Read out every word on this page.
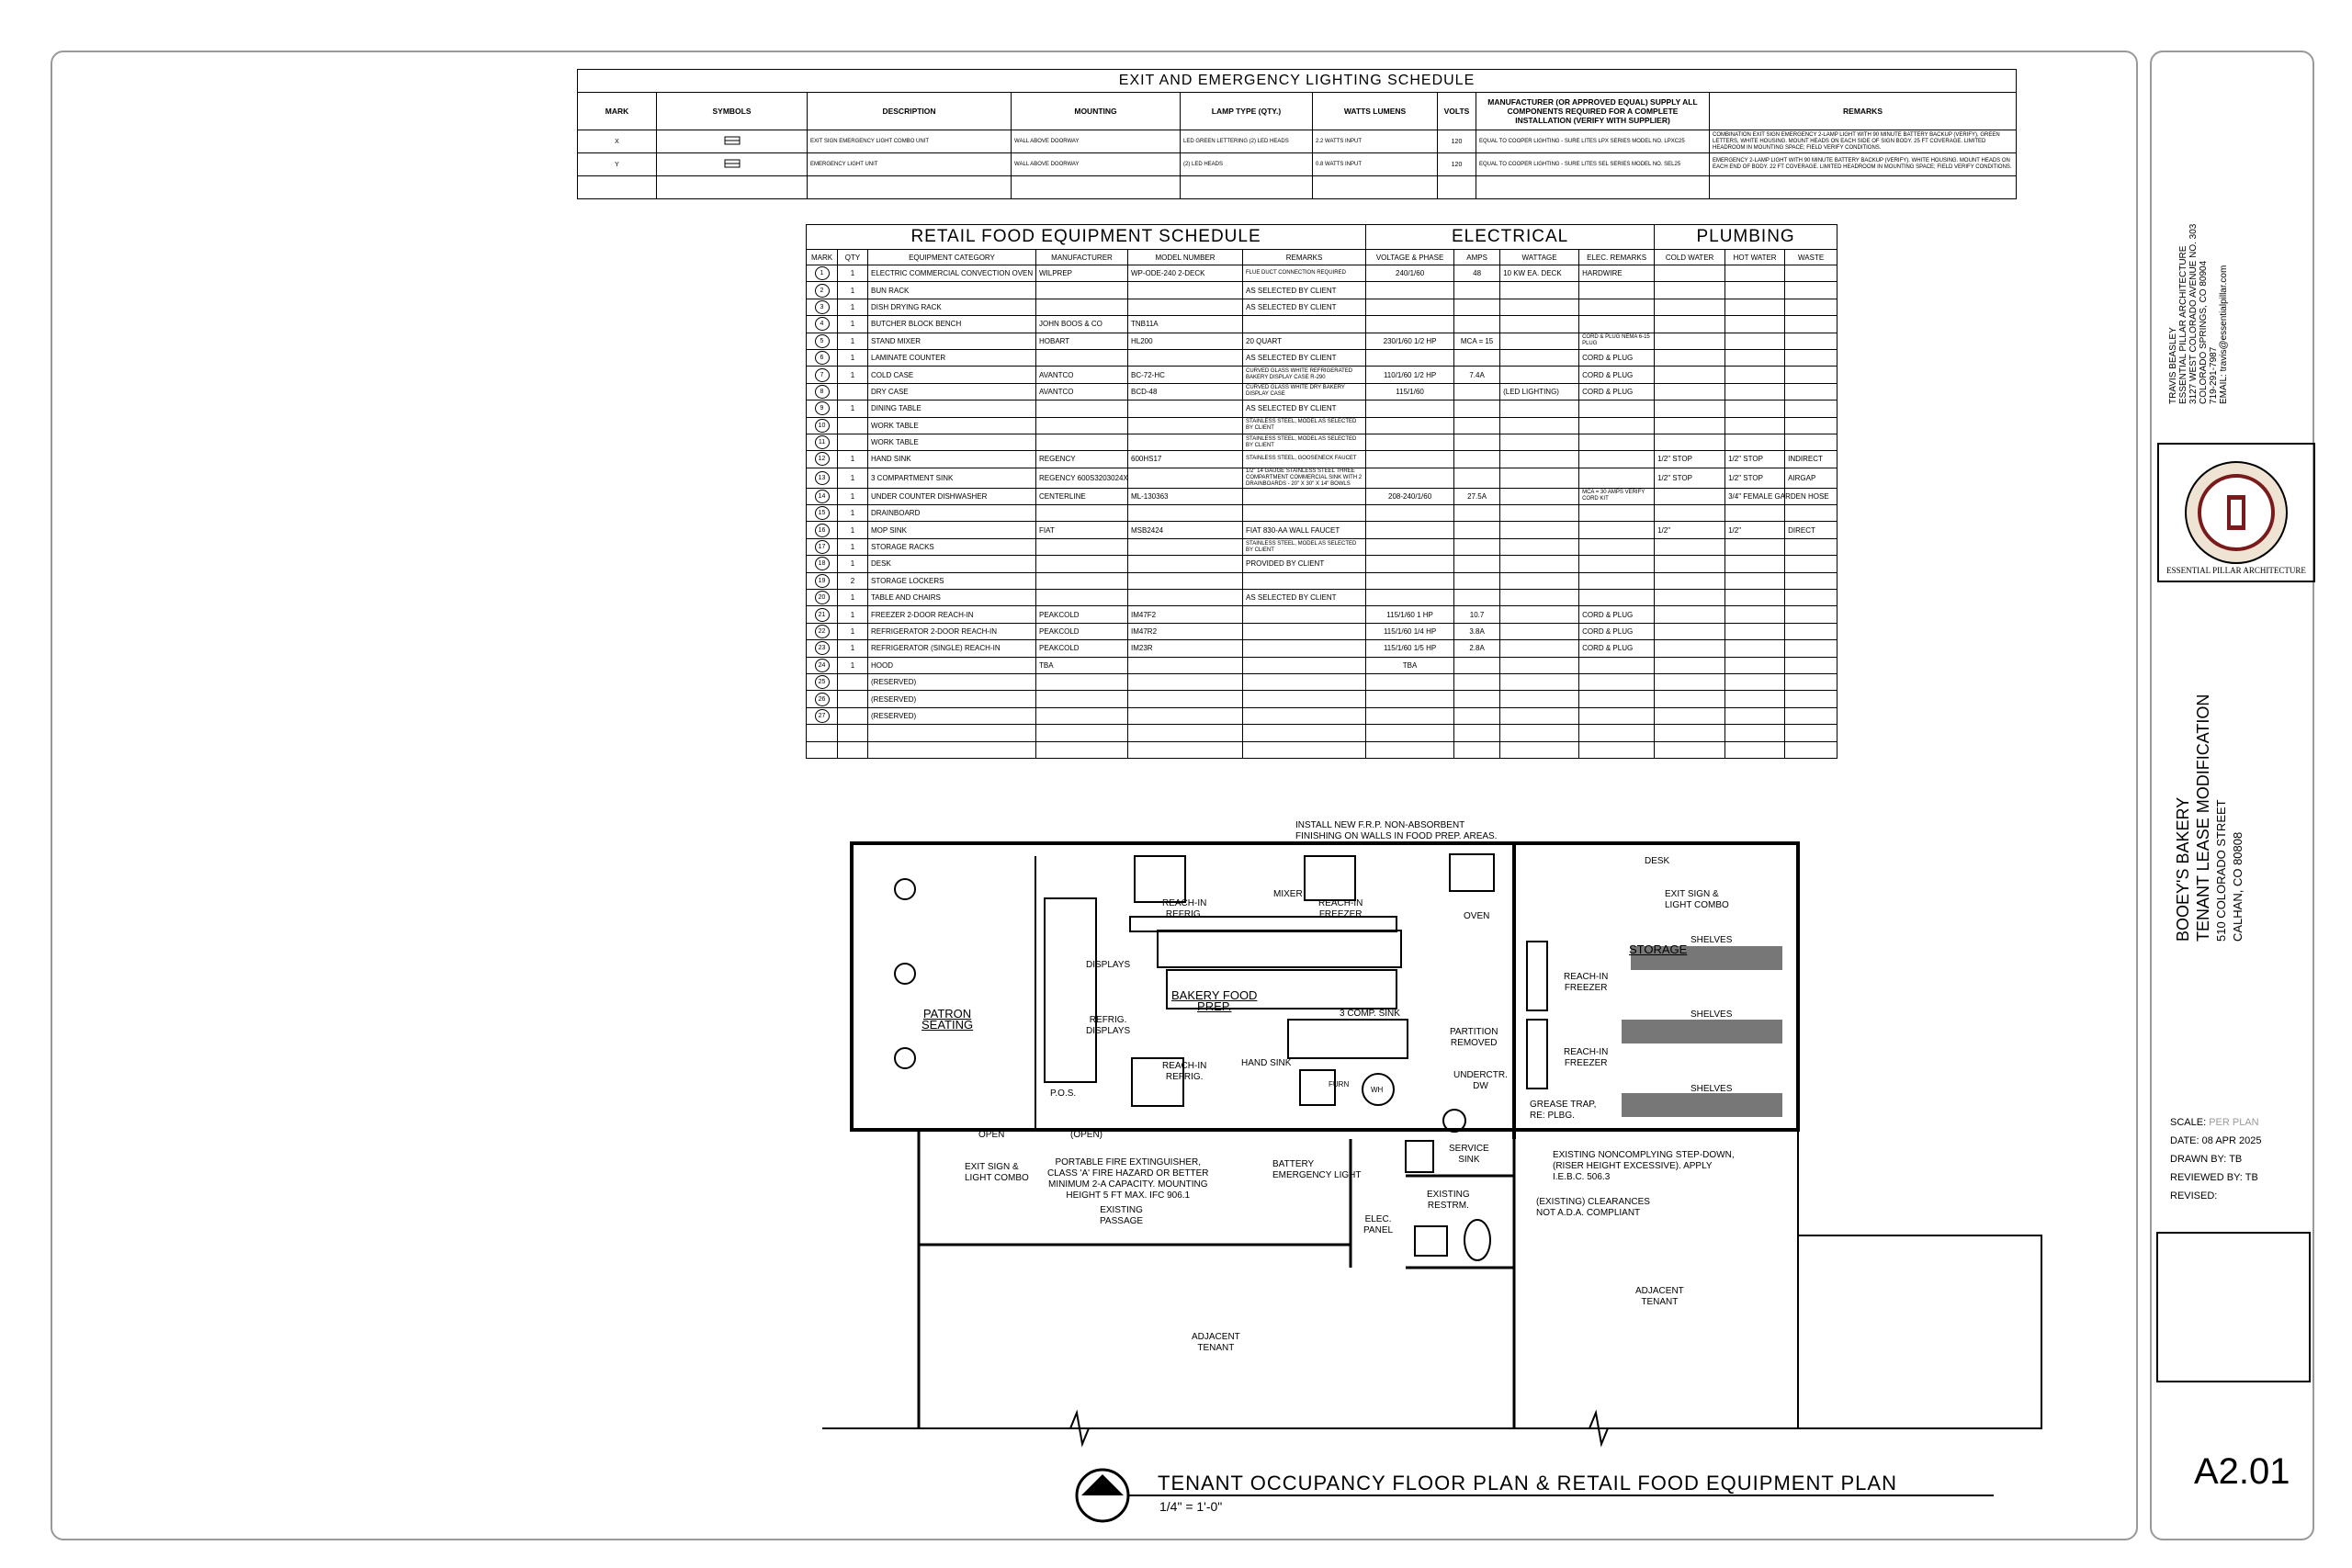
EXIT AND EMERGENCY LIGHTING SCHEDULE								
MARK	SYMBOLS	DESCRIPTION	MOUNTING	LAMP TYPE (QTY.)	WATTS LUMENS	VOLTS	MANUFACTURER (OR APPROVED EQUAL) SUPPLY ALL COMPONENTS REQUIRED FOR A COMPLETE INSTALLATION (VERIFY WITH SUPPLIER)	REMARKS
X		EXIT SIGN EMERGENCY LIGHT COMBO UNIT	WALL ABOVE DOORWAY	LED GREEN LETTERING (2) LED HEADS	2.2 WATTS INPUT	120	EQUAL TO COOPER LIGHTING - SURE LITES LPX SERIES MODEL NO. LPXC25	COMBINATION EXIT SIGN EMERGENCY 2-LAMP LIGHT WITH 90 MINUTE BATTERY BACKUP (VERIFY), GREEN LETTERS, WHITE HOUSING. MOUNT HEADS ON EACH SIDE OF SIGN BODY. 25 FT COVERAGE. LIMITED HEADROOM IN MOUNTING SPACE; FIELD VERIFY CONDITIONS.
Y		EMERGENCY LIGHT UNIT	WALL ABOVE DOORWAY	(2) LED HEADS	0.8 WATTS INPUT	120	EQUAL TO COOPER LIGHTING - SURE LITES SEL SERIES MODEL NO. SEL25	EMERGENCY 2-LAMP LIGHT WITH 90 MINUTE BATTERY BACKUP (VERIFY). WHITE HOUSING. MOUNT HEADS ON EACH END OF BODY. 22 FT COVERAGE. LIMITED HEADROOM IN MOUNTING SPACE; FIELD VERIFY CONDITIONS.

RETAIL FOOD EQUIPMENT SCHEDULE						ELECTRICAL				PLUMBING		
MARK	QTY	EQUIPMENT CATEGORY	MANUFACTURER	MODEL NUMBER	REMARKS	VOLTAGE & PHASE	AMPS	WATTAGE	ELEC. REMARKS	COLD WATER	HOT WATER	WASTE
1	1	ELECTRIC COMMERCIAL CONVECTION OVEN	WILPREP	WP-ODE-240 2-DECK	FLUE DUCT CONNECTION REQUIRED	240/1/60	48	10 KW EA. DECK	HARDWIRE			
2	1	BUN RACK			AS SELECTED BY CLIENT							
3	1	DISH DRYING RACK			AS SELECTED BY CLIENT							
4	1	BUTCHER BLOCK BENCH	JOHN BOOS & CO	TNB11A								
5	1	STAND MIXER	HOBART	HL200	20 QUART	230/1/60 1/2 HP	MCA = 15		CORD & PLUG NEMA 6-15 PLUG			
6	1	LAMINATE COUNTER			AS SELECTED BY CLIENT				CORD & PLUG			
7	1	COLD CASE	AVANTCO	BC-72-HC	CURVED GLASS WHITE REFRIGERATED BAKERY DISPLAY CASE R-290	110/1/60 1/2 HP	7.4A		CORD & PLUG			
8		DRY CASE	AVANTCO	BCD-48	CURVED GLASS WHITE DRY BAKERY DISPLAY CASE	115/1/60		(LED LIGHTING)	CORD & PLUG			
9	1	DINING TABLE			AS SELECTED BY CLIENT							
10		WORK TABLE			STAINLESS STEEL, MODEL AS SELECTED BY CLIENT							
11		WORK TABLE			STAINLESS STEEL, MODEL AS SELECTED BY CLIENT							
12	1	HAND SINK	REGENCY	600HS17	STAINLESS STEEL, GOOSENECK FAUCET					1/2" STOP	1/2" STOP	INDIRECT
13	1	3 COMPARTMENT SINK	REGENCY 600S3203024X		1/2" 14 GAUGE STAINLESS STEEL THREE COMPARTMENT COMMERCIAL SINK WITH 2 DRAINBOARDS - 20" X 30" X 14" BOWLS					1/2" STOP	1/2" STOP	AIRGAP
14	1	UNDER COUNTER DISHWASHER	CENTERLINE	ML-130363		208-240/1/60	27.5A		MCA = 30 AMPS VERIFY CORD KIT		3/4" FEMALE GARDEN HOSE	
15	1	DRAINBOARD										
16	1	MOP SINK	FIAT	MSB2424	FIAT 830-AA WALL FAUCET					1/2"	1/2"	DIRECT
17	1	STORAGE RACKS			STAINLESS STEEL, MODEL AS SELECTED BY CLIENT							
18	1	DESK			PROVIDED BY CLIENT							
19	2	STORAGE LOCKERS										
20	1	TABLE AND CHAIRS			AS SELECTED BY CLIENT							
21	1	FREEZER 2-DOOR REACH-IN	PEAKCOLD	IM47F2		115/1/60 1 HP	10.7		CORD & PLUG			
22	1	REFRIGERATOR 2-DOOR REACH-IN	PEAKCOLD	IM47R2		115/1/60 1/4 HP	3.8A		CORD & PLUG			
23	1	REFRIGERATOR (SINGLE) REACH-IN	PEAKCOLD	IM23R		115/1/60 1/5 HP	2.8A		CORD & PLUG			
24	1	HOOD	TBA			TBA						
25		(RESERVED)										
26		(RESERVED)										
27		(RESERVED)										

PATRON
SEATING
BAKERY FOOD
PREP.
STORAGE
DISPLAYS
REFRIG.
DISPLAYS
P.O.S.
REACH-IN
REFRIG.
REACH-IN
REFRIG.
REACH-IN
FREEZER
REACH-IN
FREEZER
REACH-IN
FREEZER
MIXER
OVEN
3 COMP. SINK
HAND SINK
PARTITION
REMOVED
UNDERCTR.
DW
FURN
WH
SERVICE
SINK
DESK
SHELVES
SHELVES
SHELVES
EXIT SIGN &
LIGHT COMBO
EXIT SIGN &
LIGHT COMBO
OPEN	(OPEN)
EXISTING
PASSAGE
EXISTING
RESTRM.
ELEC.
PANEL
ADJACENT
TENANT
ADJACENT
TENANT
INSTALL NEW F.R.P. NON-ABSORBENT
FINISHING ON WALLS IN FOOD PREP. AREAS.
PORTABLE FIRE EXTINGUISHER,
CLASS 'A' FIRE HAZARD OR BETTER
MINIMUM 2-A CAPACITY. MOUNTING
HEIGHT 5 FT MAX. IFC 906.1
BATTERY
EMERGENCY LIGHT
GREASE TRAP,
RE: PLBG.
EXISTING NONCOMPLYING STEP-DOWN,
(RISER HEIGHT EXCESSIVE). APPLY
I.E.B.C. 506.3
(EXISTING) CLEARANCES
NOT A.D.A. COMPLIANT
TENANT OCCUPANCY FLOOR PLAN & RETAIL FOOD EQUIPMENT PLAN
1/4" = 1'-0"
TRAVIS BEASLEY ESSENTIAL PILLAR ARCHITECTURE 3127 WEST COLORADO AVENUE NO. 303 COLORADO SPRINGS, CO 80904 719-291-7987 EMAIL: travis@essentialpillar.com
ESSENTIAL PILLAR ARCHITECTURE
BOOEY'S BAKERY TENANT LEASE MODIFICATION 510 COLORADO STREET CALHAN, CO 80808
SCALE: PER PLAN
DATE: 08 APR 2025
DRAWN BY: TB
REVIEWED BY: TB
REVISED:
A2.01
